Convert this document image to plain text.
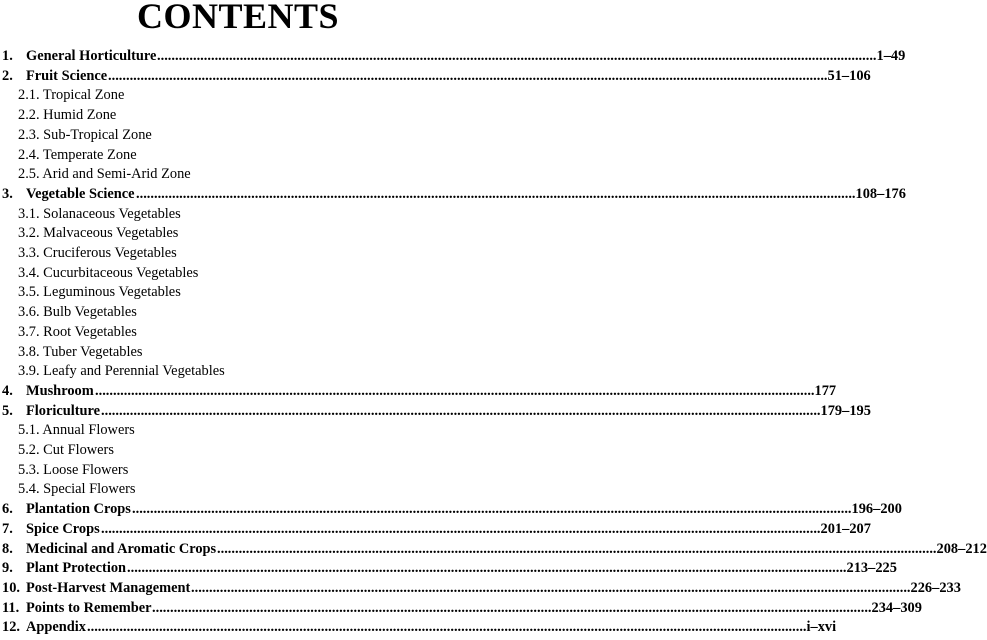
CONTENTS
1. General Horticulture ........................................................................................................................................................................................................ 1–49
2. Fruit Science ........................................................................................................................................................................................................ 51–106
2.1. Tropical Zone
2.2. Humid Zone
2.3. Sub-Tropical Zone
2.4. Temperate Zone
2.5. Arid and Semi-Arid Zone
3. Vegetable Science ........................................................................................................................................................................................................ 108–176
3.1. Solanaceous Vegetables
3.2. Malvaceous Vegetables
3.3. Cruciferous Vegetables
3.4. Cucurbitaceous Vegetables
3.5. Leguminous Vegetables
3.6. Bulb Vegetables
3.7. Root Vegetables
3.8. Tuber Vegetables
3.9. Leafy and Perennial Vegetables
4. Mushroom ........................................................................................................................................................................................................ 177
5. Floriculture ........................................................................................................................................................................................................ 179–195
5.1. Annual Flowers
5.2. Cut Flowers
5.3. Loose Flowers
5.4. Special Flowers
6. Plantation Crops ........................................................................................................................................................................................................ 196–200
7. Spice Crops ........................................................................................................................................................................................................ 201–207
8. Medicinal and Aromatic Crops ........................................................................................................................................................................................................ 208–212
9. Plant Protection ........................................................................................................................................................................................................ 213–225
10. Post-Harvest Management ........................................................................................................................................................................................................ 226–233
11. Points to Remember ........................................................................................................................................................................................................ 234–309
12. Appendix ........................................................................................................................................................................................................ i–xvi
